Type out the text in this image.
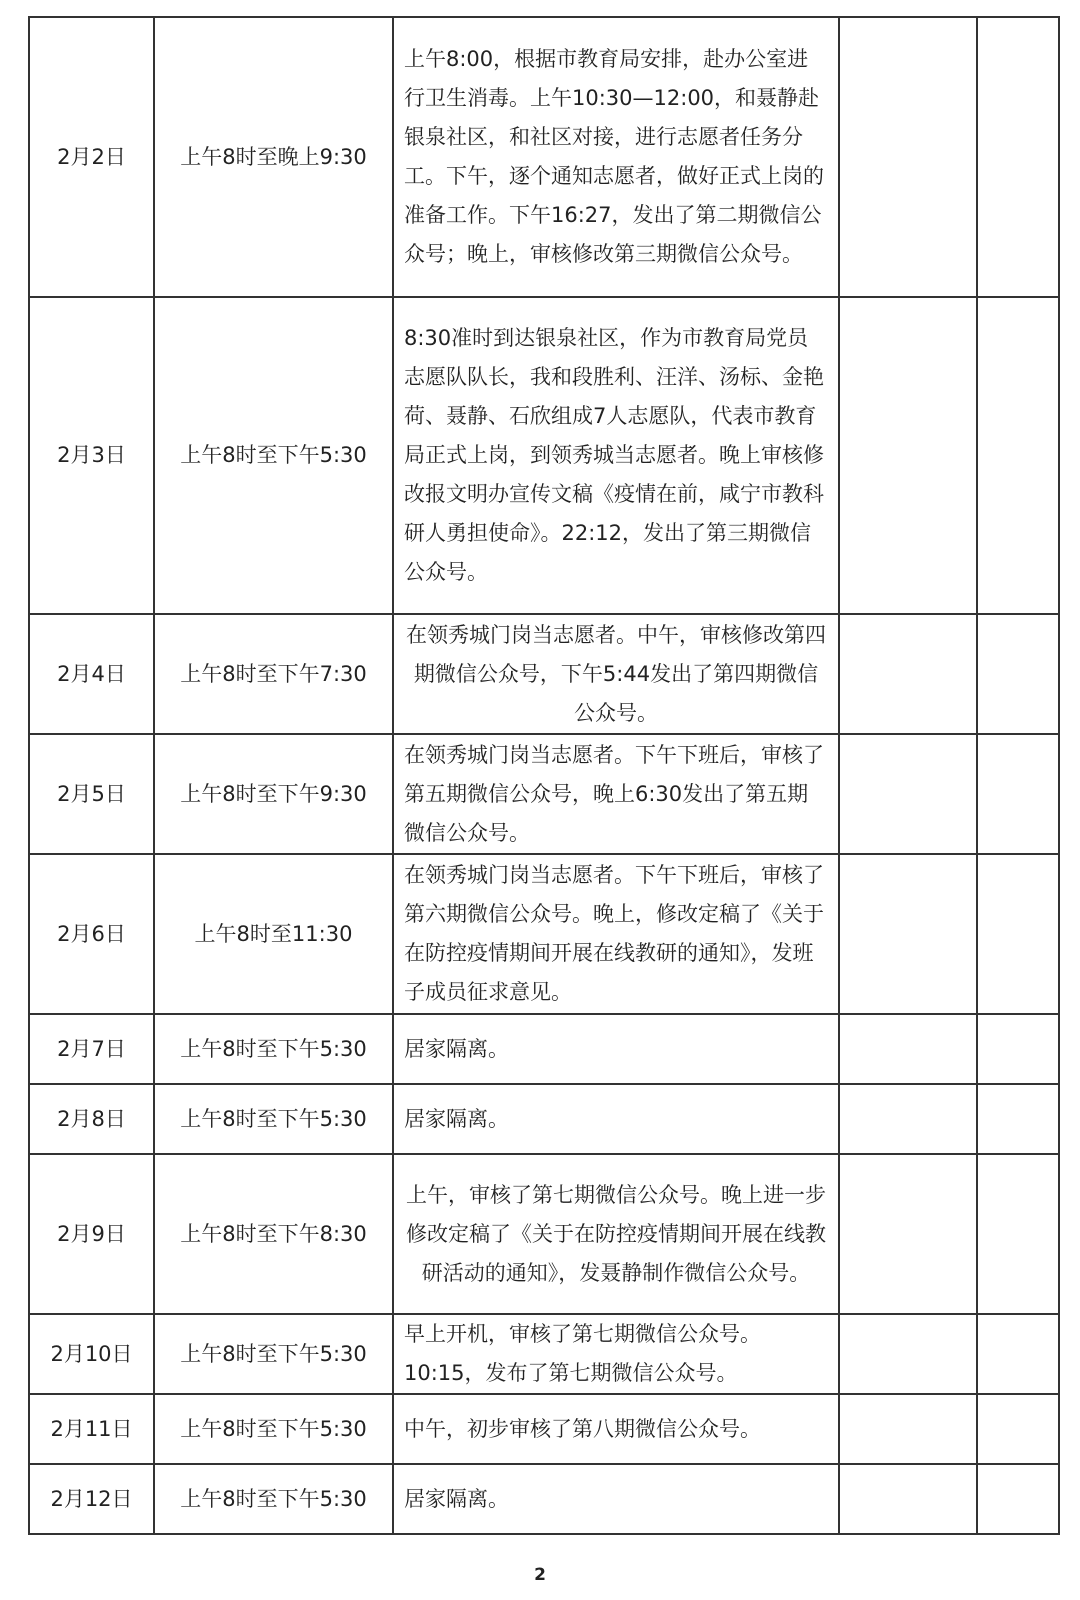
2月2日	上午8时至晚上9:30	上午8:00，根据市教育局安排，赴办公室进行卫生消毒。上午10:30—12:00，和聂静赴银泉社区，和社区对接，进行志愿者任务分工。下午，逐个通知志愿者，做好正式上岗的准备工作。下午16:27，发出了第二期微信公众号；晚上，审核修改第三期微信公众号。		
2月3日	上午8时至下午5:30	8:30准时到达银泉社区，作为市教育局党员志愿队队长，我和段胜利、汪洋、汤标、金艳荷、聂静、石欣组成7人志愿队，代表市教育局正式上岗，到领秀城当志愿者。晚上审核修改报文明办宣传文稿《疫情在前，咸宁市教科研人勇担使命》。22:12，发出了第三期微信公众号。		
2月4日	上午8时至下午7:30	在领秀城门岗当志愿者。中午，审核修改第四期微信公众号，下午5:44发出了第四期微信公众号。		
2月5日	上午8时至下午9:30	在领秀城门岗当志愿者。下午下班后，审核了第五期微信公众号，晚上6:30发出了第五期微信公众号。		
2月6日	上午8时至11:30	在领秀城门岗当志愿者。下午下班后，审核了第六期微信公众号。晚上，修改定稿了《关于在防控疫情期间开展在线教研的通知》，发班子成员征求意见。		
2月7日	上午8时至下午5:30	居家隔离。		
2月8日	上午8时至下午5:30	居家隔离。		
2月9日	上午8时至下午8:30	上午，审核了第七期微信公众号。晚上进一步修改定稿了《关于在防控疫情期间开展在线教研活动的通知》，发聂静制作微信公众号。		
2月10日	上午8时至下午5:30	早上开机，审核了第七期微信公众号。10:15，发布了第七期微信公众号。		
2月11日	上午8时至下午5:30	中午，初步审核了第八期微信公众号。		
2月12日	上午8时至下午5:30	居家隔离。		
2
